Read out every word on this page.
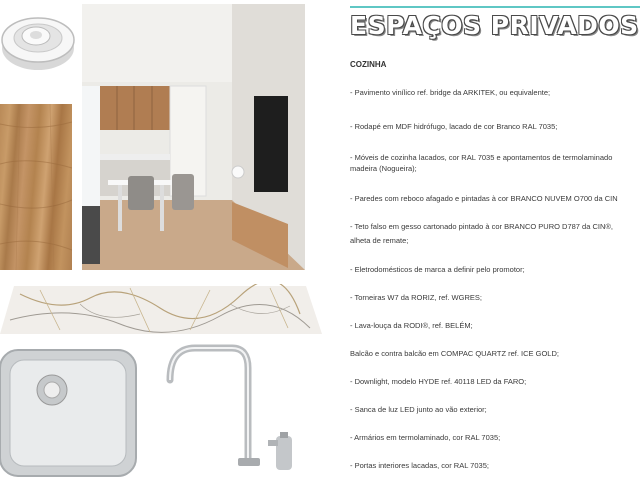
ESPAÇOS PRIVADOS
COZINHA
- Pavimento vinílico ref. bridge da ARKITEK, ou equivalente;
- Rodapé em MDF hidrófugo, lacado de cor Branco RAL 7035;
- Móveis de cozinha lacados, cor RAL 7035 e apontamentos de termolaminado
madeira (Nogueira);
- Paredes com reboco afagado e pintadas à cor BRANCO NUVEM O700 da CIN
- Teto falso em gesso cartonado pintado à cor BRANCO PURO D787 da CIN®,
alheta de remate;
- Eletrodomésticos de marca a definir pelo promotor;
- Torneiras W7 da RORIZ, ref. WGRES;
- Lava-louça da RODI®, ref. BELÉM;
Balcão e contra balcão em COMPAC QUARTZ ref. ICE GOLD;
- Downlight, modelo HYDE ref. 40118 LED da FARO;
- Sanca de luz LED junto ao vão exterior;
- Armários em termolaminado, cor RAL 7035;
- Portas interiores lacadas, cor RAL 7035;
